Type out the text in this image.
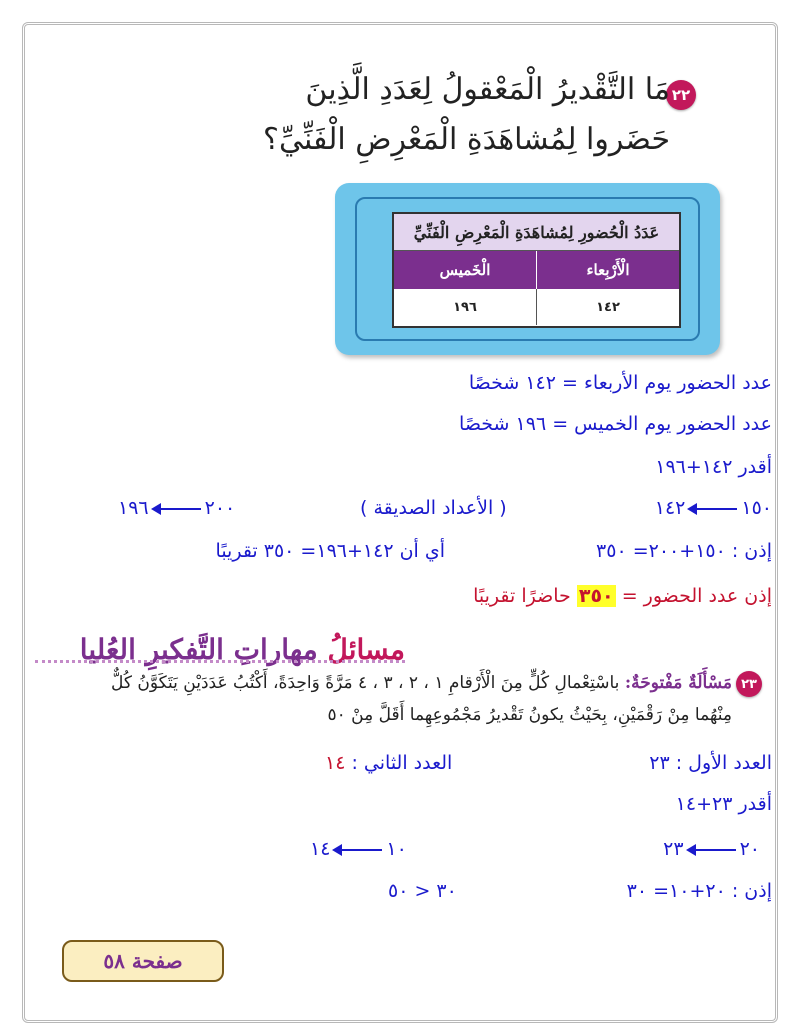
٢٢
مَا التَّقْديرُ الْمَعْقولُ لِعَدَدِ الَّذِينَ
حَضَروا لِمُشاهَدَةِ الْمَعْرِضِ الْفَنِّيِّ؟
عَدَدُ الْحُضورِ لِمُشاهَدَةِ الْمَعْرِضِ الْفَنِّيِّ
الْخَميس	الْأَرْبِعاء
١٩٦	١٤٢
عدد الحضور يوم الأربعاء = ١٤٢ شخصًا
عدد الحضور يوم الخميس = ١٩٦ شخصًا
أقدر ١٤٢+١٩٦
١٥٠١٤٢
( الأعداد الصديقة )
٢٠٠١٩٦
إذن : ١٥٠+٢٠٠= ٣٥٠
أي أن ١٤٢+١٩٦= ٣٥٠ تقريبًا
إذن عدد الحضور = ٣٥٠ حاضرًا تقريبًا
مسائلُ مهاراتِ التَّفكيرِ العُليا
٢٣
مَسْأَلَةٌ مَفْتوحَةٌ: باسْتِعْمالِ كُلٍّ مِنَ الْأَرْقامِ ١ ، ٢ ، ٣ ، ٤ مَرَّةً وَاحِدَةً، أَكْتُبُ عَدَدَيْنِ يَتَكَوَّنُ كُلٌّ
مِنْهُما مِنْ رَقْمَيْنِ، بِحَيْثُ يكونُ تَقْديرُ مَجْمُوعِهِما أَقَلَّ مِنْ ٥٠
العدد الأول : ٢٣
العدد الثاني : ١٤
أقدر ٢٣+١٤
٢٠٢٣
١٠١٤
إذن : ٢٠+١٠= ٣٠
٣٠ < ٥٠
صفحة ٥٨
